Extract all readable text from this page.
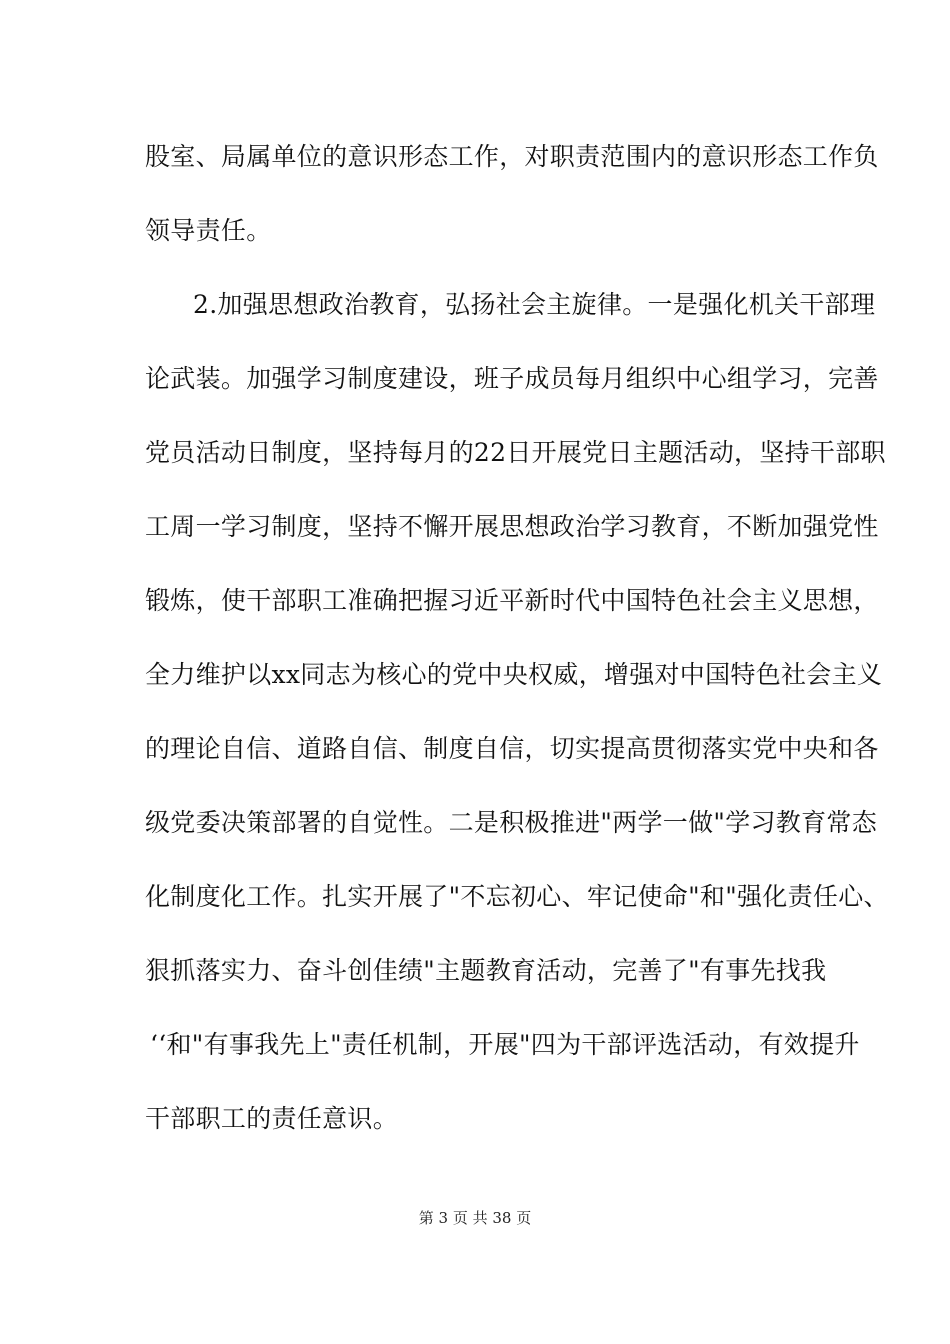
股室、局属单位的意识形态工作，对职责范围内的意识形态工作负
领导责任。
2.加强思想政治教育，弘扬社会主旋律。一是强化机关干部理
论武装。加强学习制度建设，班子成员每月组织中心组学习，完善
党员活动日制度，坚持每月的22日开展党日主题活动，坚持干部职
工周一学习制度，坚持不懈开展思想政治学习教育，不断加强党性
锻炼，使干部职工准确把握习近平新时代中国特色社会主义思想，
全力维护以xx同志为核心的党中央权威，增强对中国特色社会主义
的理论自信、道路自信、制度自信，切实提高贯彻落实党中央和各
级党委决策部署的自觉性。二是积极推进"两学一做"学习教育常态
化制度化工作。扎实开展了"不忘初心、牢记使命"和"强化责任心、
狠抓落实力、奋斗创佳绩"主题教育活动，完善了"有事先找我
‘‘和"有事我先上"责任机制，开展"四为干部评选活动，有效提升
干部职工的责任意识。
第 3 页 共 38 页
